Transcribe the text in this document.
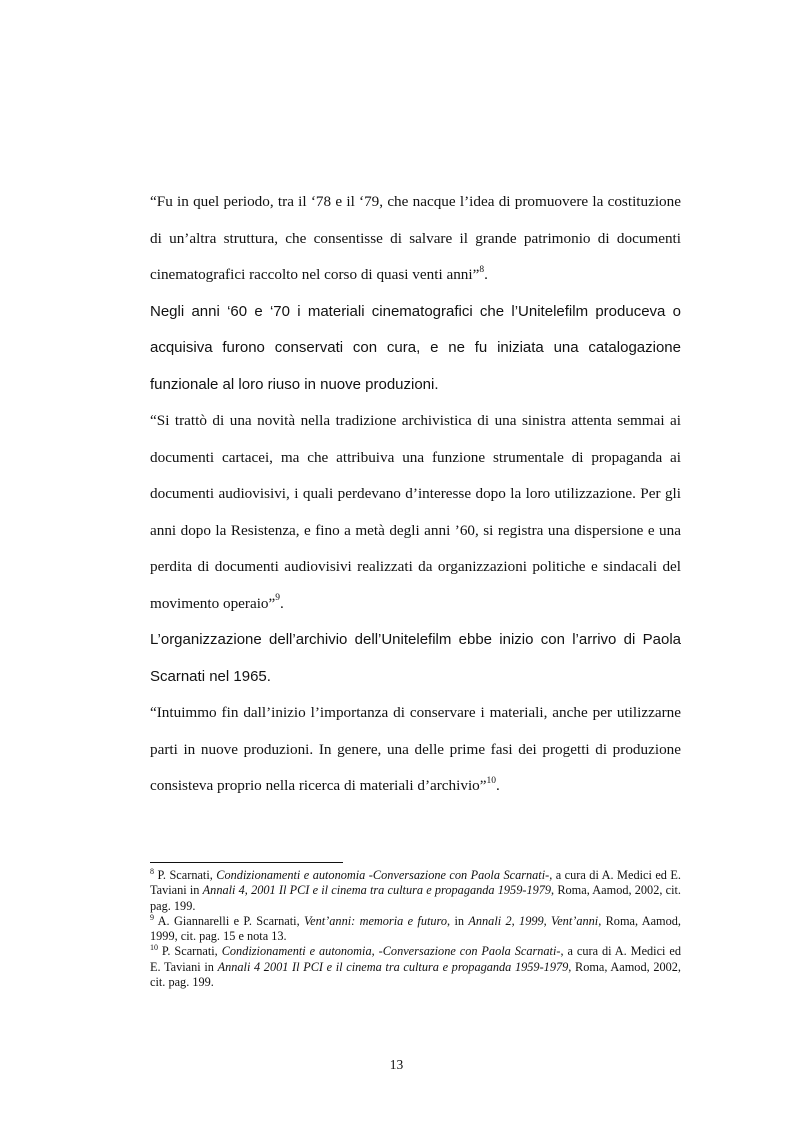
“Fu in quel periodo, tra il ‘78 e il ‘79, che nacque l’idea di promuovere la costituzione di un’altra struttura, che consentisse di salvare il grande patrimonio di documenti cinematografici raccolto nel corso di quasi venti anni”$^8$.

Negli anni ‘60 e ‘70 i materiali cinematografici che l’Unitelefilm produceva o acquisiva furono conservati con cura, e ne fu iniziata una catalogazione funzionale al loro riuso in nuove produzioni.

“Si trattò di una novità nella tradizione archivistica di una sinistra attenta semmai ai documenti cartacei, ma che attribuiva una funzione strumentale di propaganda ai documenti audiovisivi, i quali perdevano d’interesse dopo la loro utilizzazione. Per gli anni dopo la Resistenza, e fino a metà degli anni ’60, si registra una dispersione e una perdita di documenti audiovisivi realizzati da organizzazioni politiche e sindacali del movimento operaio”$^9$.

L’organizzazione dell’archivio dell’Unitelefilm ebbe inizio con l’arrivo di Paola Scarnati nel 1965.

“Intuimmo fin dall’inizio l’importanza di conservare i materiali, anche per utilizzarne parti in nuove produzioni. In genere, una delle prime fasi dei progetti di produzione consisteva proprio nella ricerca di materiali d’archivio”$^{10}$.

$^8$ P. Scarnati, Condizionamenti e autonomia -Conversazione con Paola Scarnati-, a cura di A. Medici ed E. Taviani in Annali 4, 2001 Il PCI e il cinema tra cultura e propaganda 1959-1979, Roma, Aamod, 2002, cit. pag. 199.

$^9$ A. Giannarelli e P. Scarnati, Vent’anni: memoria e futuro, in Annali 2, 1999, Vent’anni, Roma, Aamod, 1999, cit. pag. 15 e nota 13.

$^{10}$ P. Scarnati, Condizionamenti e autonomia, -Conversazione con Paola Scarnati-, a cura di A. Medici ed E. Taviani in Annali 4 2001 Il PCI e il cinema tra cultura e propaganda 1959-1979, Roma, Aamod, 2002, cit. pag. 199.

13
